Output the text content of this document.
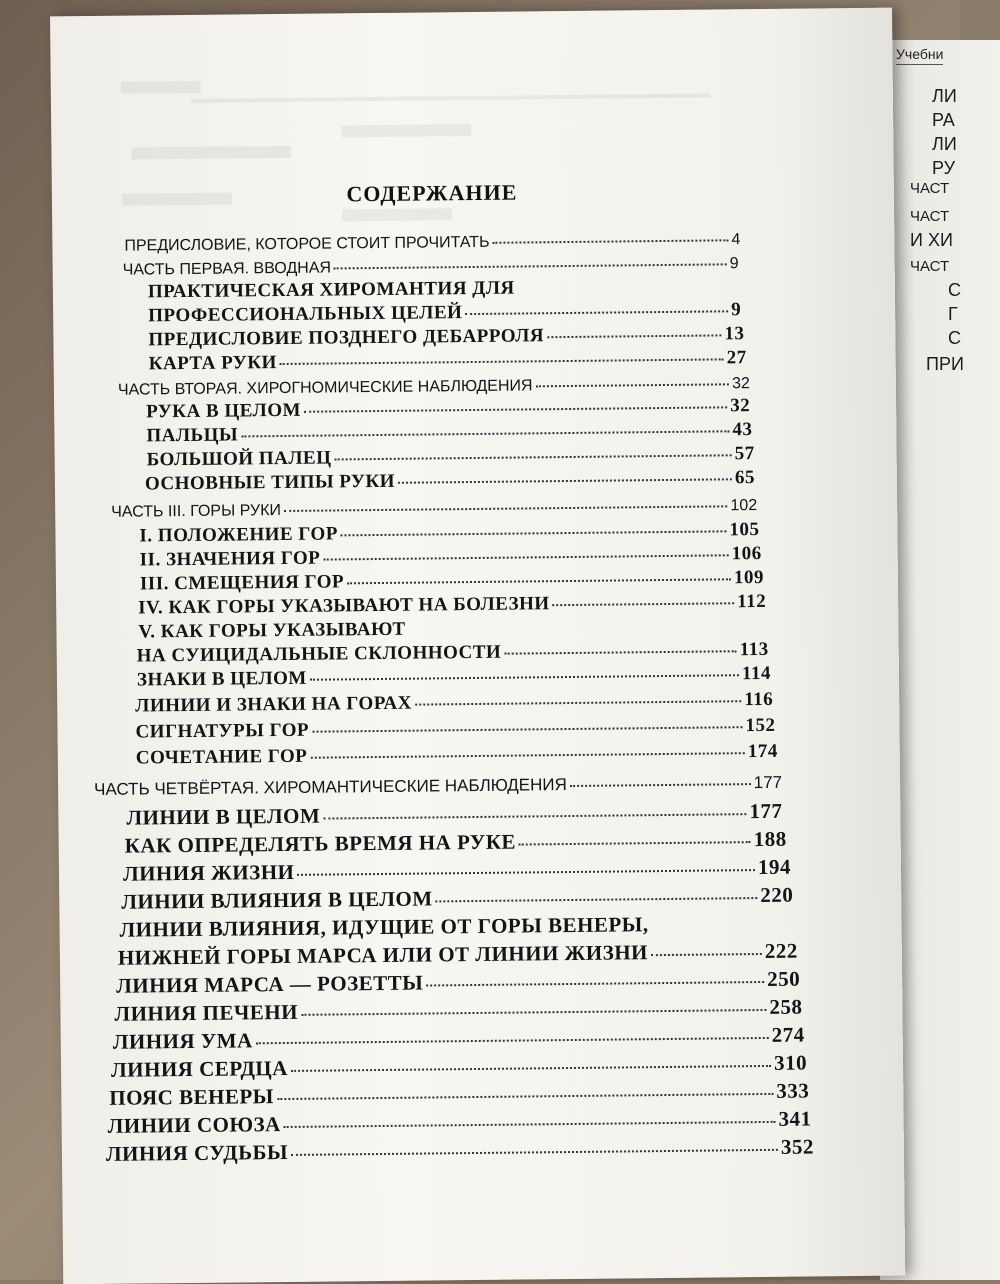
Учебни
ЛИ
РА
ЛИ
РУ
ЧАСТ
ЧАСТ
И ХИ
ЧАСТ
С
Г
С
ПРИ
СОДЕРЖАНИЕ
ПРЕДИСЛОВИЕ, КОТОРОЕ СТОИТ ПРОЧИТАТЬ	4
ЧАСТЬ ПЕРВАЯ. ВВОДНАЯ	9
ПРАКТИЧЕСКАЯ ХИРОМАНТИЯ ДЛЯ
ПРОФЕССИОНАЛЬНЫХ ЦЕЛЕЙ	9
ПРЕДИСЛОВИЕ ПОЗДНЕГО ДЕБАРРОЛЯ	13
КАРТА РУКИ	27
ЧАСТЬ ВТОРАЯ. ХИРОГНОМИЧЕСКИЕ НАБЛЮДЕНИЯ	32
РУКА В ЦЕЛОМ	32
ПАЛЬЦЫ	43
БОЛЬШОЙ ПАЛЕЦ	57
ОСНОВНЫЕ ТИПЫ РУКИ	65
ЧАСТЬ III. ГОРЫ РУКИ	102
I. ПОЛОЖЕНИЕ ГОР	105
II. ЗНАЧЕНИЯ ГОР	106
III. СМЕЩЕНИЯ ГОР	109
IV. КАК ГОРЫ УКАЗЫВАЮТ НА БОЛЕЗНИ	112
V. КАК ГОРЫ УКАЗЫВАЮТ
НА СУИЦИДАЛЬНЫЕ СКЛОННОСТИ	113
ЗНАКИ В ЦЕЛОМ	114
ЛИНИИ И ЗНАКИ НА ГОРАХ	116
СИГНАТУРЫ ГОР	152
СОЧЕТАНИЕ ГОР	174
ЧАСТЬ ЧЕТВЁРТАЯ. ХИРОМАНТИЧЕСКИЕ НАБЛЮДЕНИЯ	177
ЛИНИИ В ЦЕЛОМ	177
КАК ОПРЕДЕЛЯТЬ ВРЕМЯ НА РУКЕ	188
ЛИНИЯ ЖИЗНИ	194
ЛИНИИ ВЛИЯНИЯ В ЦЕЛОМ	220
ЛИНИИ ВЛИЯНИЯ, ИДУЩИЕ ОТ ГОРЫ ВЕНЕРЫ,
НИЖНЕЙ ГОРЫ МАРСА ИЛИ ОТ ЛИНИИ ЖИЗНИ	222
ЛИНИЯ МАРСА — РОЗЕТТЫ	250
ЛИНИЯ ПЕЧЕНИ	258
ЛИНИЯ УМА	274
ЛИНИЯ СЕРДЦА	310
ПОЯС ВЕНЕРЫ	333
ЛИНИИ СОЮЗА	341
ЛИНИЯ СУДЬБЫ	352
